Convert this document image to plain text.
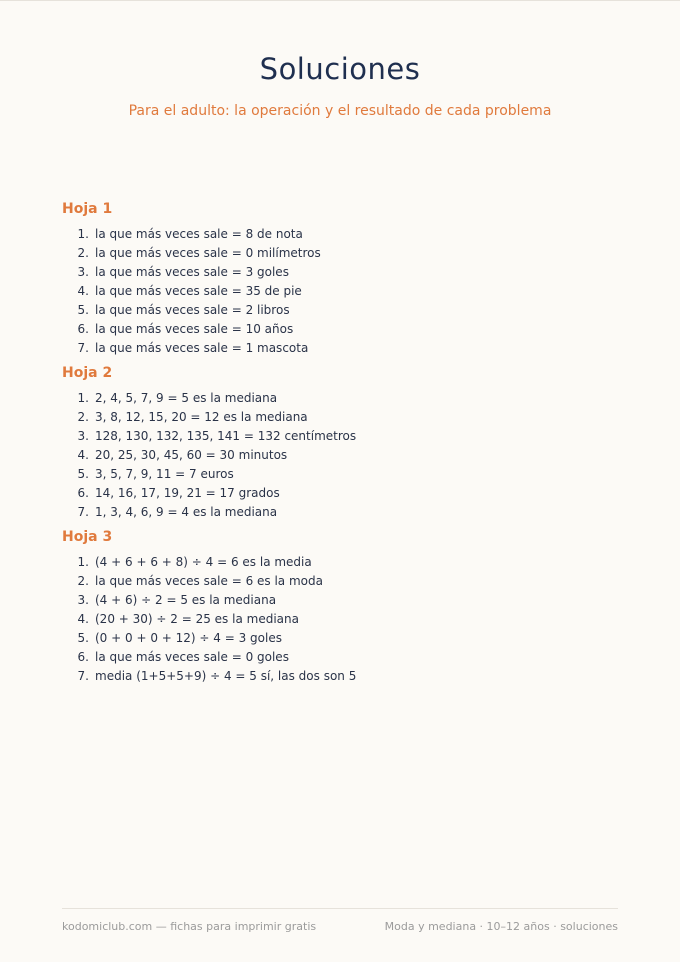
Soluciones
Para el adulto: la operación y el resultado de cada problema
Hoja 1
1. la que más veces sale = 8 de nota
2. la que más veces sale = 0 milímetros
3. la que más veces sale = 3 goles
4. la que más veces sale = 35 de pie
5. la que más veces sale = 2 libros
6. la que más veces sale = 10 años
7. la que más veces sale = 1 mascota
Hoja 2
1. 2, 4, 5, 7, 9 = 5 es la mediana
2. 3, 8, 12, 15, 20 = 12 es la mediana
3. 128, 130, 132, 135, 141 = 132 centímetros
4. 20, 25, 30, 45, 60 = 30 minutos
5. 3, 5, 7, 9, 11 = 7 euros
6. 14, 16, 17, 19, 21 = 17 grados
7. 1, 3, 4, 6, 9 = 4 es la mediana
Hoja 3
1. (4 + 6 + 6 + 8) ÷ 4 = 6 es la media
2. la que más veces sale = 6 es la moda
3. (4 + 6) ÷ 2 = 5 es la mediana
4. (20 + 30) ÷ 2 = 25 es la mediana
5. (0 + 0 + 0 + 12) ÷ 4 = 3 goles
6. la que más veces sale = 0 goles
7. media (1+5+5+9) ÷ 4 = 5 sí, las dos son 5
kodomiclub.com — fichas para imprimir gratis	Moda y mediana · 10–12 años · soluciones
